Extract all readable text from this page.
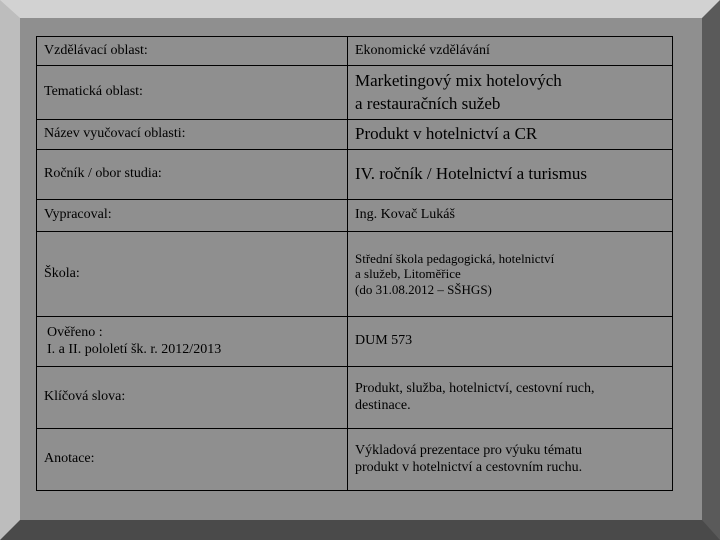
Vzdělávací oblast:	Ekonomické vzdělávání
Tematická oblast:	Marketingový mix hotelových
a restauračních sužeb
Název vyučovací oblasti:	Produkt v hotelnictví a CR
Ročník / obor studia:	IV. ročník / Hotelnictví a turismus
Vypracoval:	Ing. Kovač Lukáš
Škola:	Střední škola pedagogická, hotelnictví
a služeb, Litoměřice
(do 31.08.2012 – SŠHGS)
Ověřeno :
I. a II. pololetí šk. r. 2012/2013	DUM 573
Klíčová slova:	Produkt, služba, hotelnictví, cestovní ruch,
destinace.
Anotace:	Výkladová prezentace pro výuku tématu
produkt v hotelnictví a cestovním ruchu.
